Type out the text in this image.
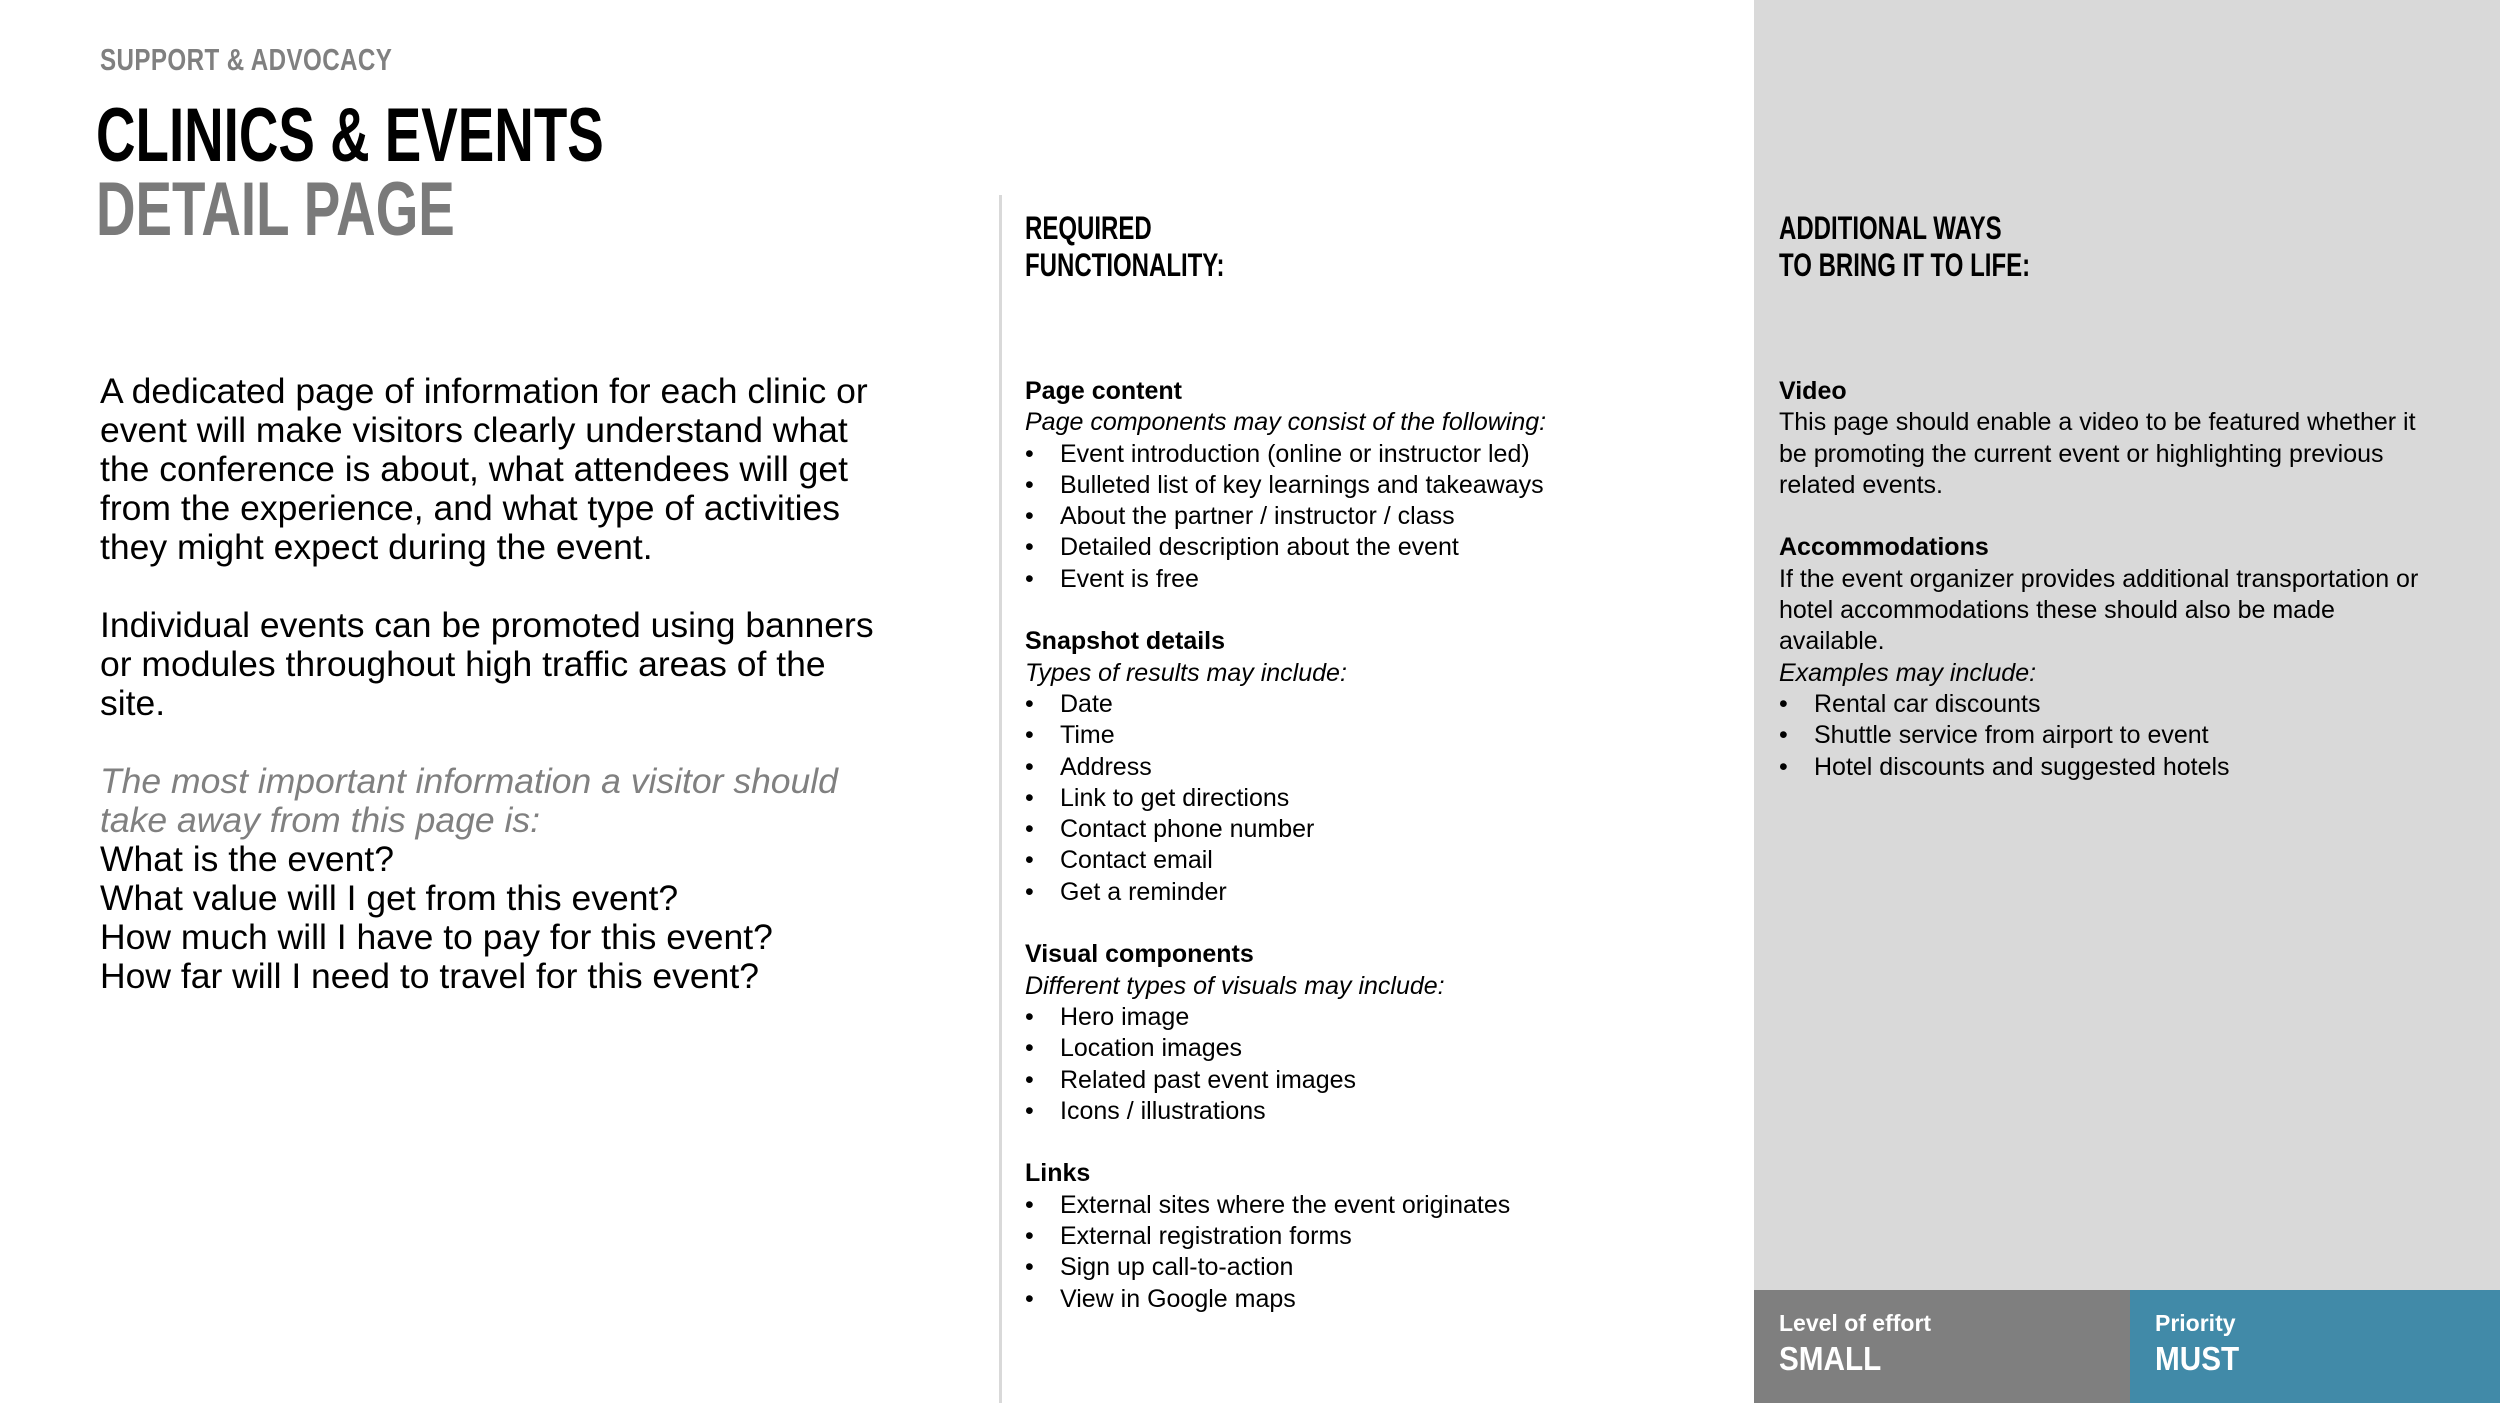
SUPPORT & ADVOCACY
CLINICS & EVENTS
DETAIL PAGE

A dedicated page of information for each clinic or event will make visitors clearly understand what the conference is about, what attendees will get from the experience, and what type of activities they might expect during the event.

Individual events can be promoted using banners or modules throughout high traffic areas of the site.

The most important information a visitor should take away from this page is:

What is the event?

What value will I get from this event?

How much will I have to pay for this event?

How far will I need to travel for this event?

REQUIRED
FUNCTIONALITY:
Page content
Page components may consist of the following:
• Event introduction (online or instructor led)
• Bulleted list of key learnings and takeaways
• About the partner / instructor / class
• Detailed description about the event
• Event is free
Snapshot details
Types of results may include:
• Date
• Time
• Address
• Link to get directions
• Contact phone number
• Contact email
• Get a reminder
Visual components
Different types of visuals may include:
• Hero image
• Location images
• Related past event images
• Icons / illustrations
Links
• External sites where the event originates
• External registration forms
• Sign up call-to-action
• View in Google maps
ADDITIONAL WAYS
TO BRING IT TO LIFE:
Video
This page should enable a video to be featured whether it be promoting the current event or highlighting previous related events.
Accommodations
If the event organizer provides additional transportation or hotel accommodations these should also be made available.
Examples may include:
• Rental car discounts
• Shuttle service from airport to event
• Hotel discounts and suggested hotels
Level of effort
SMALL
Priority
MUST
